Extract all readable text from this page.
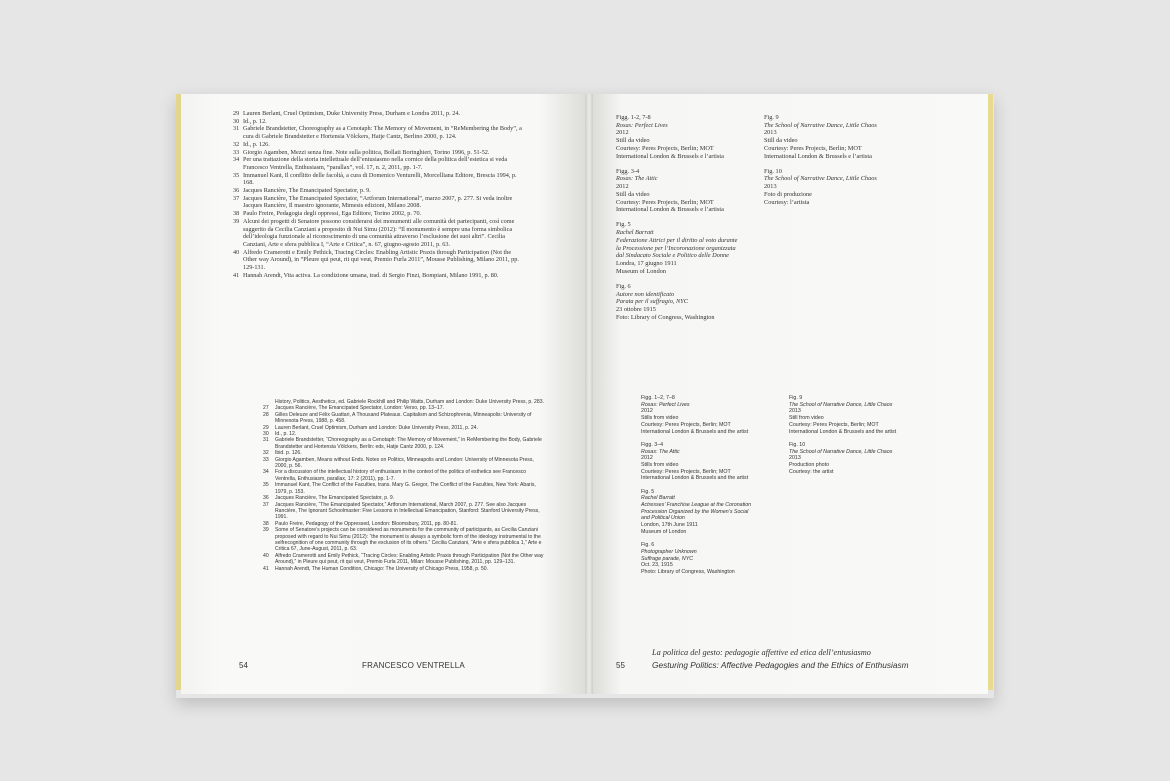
29 Lauren Berlant, Cruel Optimism, Duke University Press, Durham e Londra 2011, p. 24.
30 Id., p. 12.
31 Gabriele Brandstetter, Choreography as a Cenotaph: The Memory of Movement, in “ReMembering the Body”, a cura di Gabriele Brandstetter e Hortensia Völckers, Hatje Cantz, Berlino 2000, p. 124.
32 Id., p. 126.
33 Giorgio Agamben, Mezzi senza fine. Note sulla politica, Bollati Boringhieri, Torino 1996, p. 51-52.
34 Per una trattazione della storia intellettuale dell’entusiasmo nella cornice della politica dell’estetica si veda Francesco Ventrella, Enthusiasm, “parallax”, vol. 17, n. 2, 2011, pp. 1-7.
35 Immanuel Kant, Il conflitto delle facoltà, a cura di Domenico Venturelli, Morcelliana Editore, Brescia 1994, p. 168.
36 Jacques Rancière, The Emancipated Spectator, p. 9.
37 Jacques Rancière, The Emancipated Spectator, “Artforum International”, marzo 2007, p. 277. Si veda inoltre Jacques Rancière, Il maestro ignorante, Mimesis edizioni, Milano 2008.
38 Paulo Freire, Pedagogia degli oppressi, Ega Editore, Torino 2002, p. 70.
39 Alcuni dei progetti di Senatore possono considerarsi dei monumenti alle comunità dei partecipanti, così come suggerito da Cecilia Canziani a proposito di Nui Simu (2012): “Il monumento è sempre una forma simbolica dell’ideologia funzionale al riconoscimento di una comunità attraverso l’esclusione dei suoi altri”. Cecilia Canziani, Arte e sfera pubblica I, “Arte e Critica”, n. 67, giugno-agosto 2011, p. 63.
40 Alfredo Cramerotti e Emily Pethick, Tracing Circles: Enabling Artistic Praxis through Participation (Not the Other way Around), in “Pleure qui peut, rit qui veut, Premio Furla 2011”, Mousse Publishing, Milano 2011, pp. 129-131.
41 Hannah Arendt, Vita activa. La condizione umana, trad. di Sergio Finzi, Bompiani, Milano 1991, p. 80.
History, Politics, Aesthetics, ed. Gabriele Rockhill and Philip Watts, Durham and London: Duke University Press, p. 283.
27	Jacques Rancière, The Emancipated Spectator, London: Verso, pp. 13–17.
28	Gilles Deleuze and Félix Guattari, A Thousand Plateaus. Capitalism and Schizophrenia, Minneapolis: University of Minnesota Press, 1988, p. 458.
29	Lauren Berlant, Cruel Optimism, Durham and London: Duke University Press, 2011, p. 24.
30	Id., p. 12.
31	Gabriele Brandstetter, “Choreography as a Cenotaph: The Memory of Movement,” in ReMembering the Body, Gabriele Brandstetter and Hortensia Völckers, Berlin: eds, Hatje Cantz 2000, p. 124.
32	Ibid. p. 126.
33	Giorgio Agamben, Means without Ends. Notes on Politics, Minneapolis and London: University of Minnesota Press, 2000, p. 56.
34	For a discussion of the intellectual history of enthusiasm in the context of the politics of esthetics see Francesco Ventrella, Enthusiasm, parallax, 17: 2 (2011), pp. 1-7.
35	Immanuel Kant, The Conflict of the Faculties, trans. Mary G. Gregor, The Conflict of the Faculties, New York: Abaris, 1979, p. 153.
36	Jacques Rancière, The Emancipated Spectator, p. 9.
37	Jacques Rancière, “The Emancipated Spectator,” Artforum International, March 2007, p. 277. See also Jacques Rancière, The Ignorant Schoolmaster: Five Lessons in Intellectual Emancipation, Stanford: Stanford University Press, 1991.
38	Paulo Freire, Pedagogy of the Oppressed, London: Bloomsbury, 2011, pp. 80-81.
39	Some of Senatore’s projects can be considered as monuments for the community of participants, as Cecilia Canziani proposed with regard to Nui Simu (2012): “the monument is always a symbolic form of the ideology instrumental to the selfrecognition of one community through the exclusion of its others.” Cecilia Canziani, “Arte e sfera pubblica 1,” Arte e Critica 67, June-August, 2011, p. 63.
40	Alfredo Cramerotti and Emily Pethick, “Tracing Circles: Enabling Artistic Praxis through Participation (Not the Other way Around),” in Pleure qui peut, rit qui veut, Premio Furla 2011, Milan: Mousse Publishing, 2011, pp. 129–131.
41	Hannah Arendt, The Human Condition, Chicago: The University of Chicago Press, 1958, p. 50.
54	FRANCESCO VENTRELLA
Figg. 1-2, 7-8
Rosas: Perfect Lives
2012
Still da video
Courtesy: Peres Projects, Berlin; MOT
International London & Brussels e l’artista
Figg. 3-4
Rosas: The Attic
2012
Still da video
Courtesy: Peres Projects, Berlin; MOT
International London & Brussels e l’artista
Fig. 5
Rachel Barratt
Federazione Attrici per il diritto al voto durante
la Processione per l’Incoronazione organizzata
dal Sindacato Sociale e Politico delle Donne
Londra, 17 giugno 1911
Museum of London
Fig. 6
Autore non identificato
Parata per il suffragio, NYC
23 ottobre 1915
Foto: Library of Congress, Washington
Fig. 9
The School of Narrative Dance, Little Chaos
2013
Still da video
Courtesy: Peres Projects, Berlin; MOT
International London & Brussels e l’artista
Fig. 10
The School of Narrative Dance, Little Chaos
2013
Foto di produzione
Courtesy: l’artista
Figg. 1–2, 7–8
Rosas: Perfect Lives
2012
Stills from video
Courtesy: Peres Projects, Berlin; MOT
International London & Brussels and the artist
Figg. 3–4
Rosas: The Attic
2012
Stills from video
Courtesy: Peres Projects, Berlin; MOT
International London & Brussels and the artist
Fig. 5
Rachel Barratt
Actresses’ Franchise League at the Coronation
Procession Organized by the Women’s Social
and Political Union
London, 17th June 1911
Museum of London
Fig. 6
Photographer Unknown
Suffrage parade, NYC
Oct. 23, 1915
Photo: Library of Congress, Washington
Fig. 9
The School of Narrative Dance, Little Chaos
2013
Still from video
Courtesy: Peres Projects, Berlin; MOT
International London & Brussels and the artist
Fig. 10
The School of Narrative Dance, Little Chaos
2013
Production photo
Courtesy: the artist
55
La politica del gesto: pedagogie affettive ed etica dell’entusiasmo
Gesturing Politics: Affective Pedagogies and the Ethics of Enthusiasm
